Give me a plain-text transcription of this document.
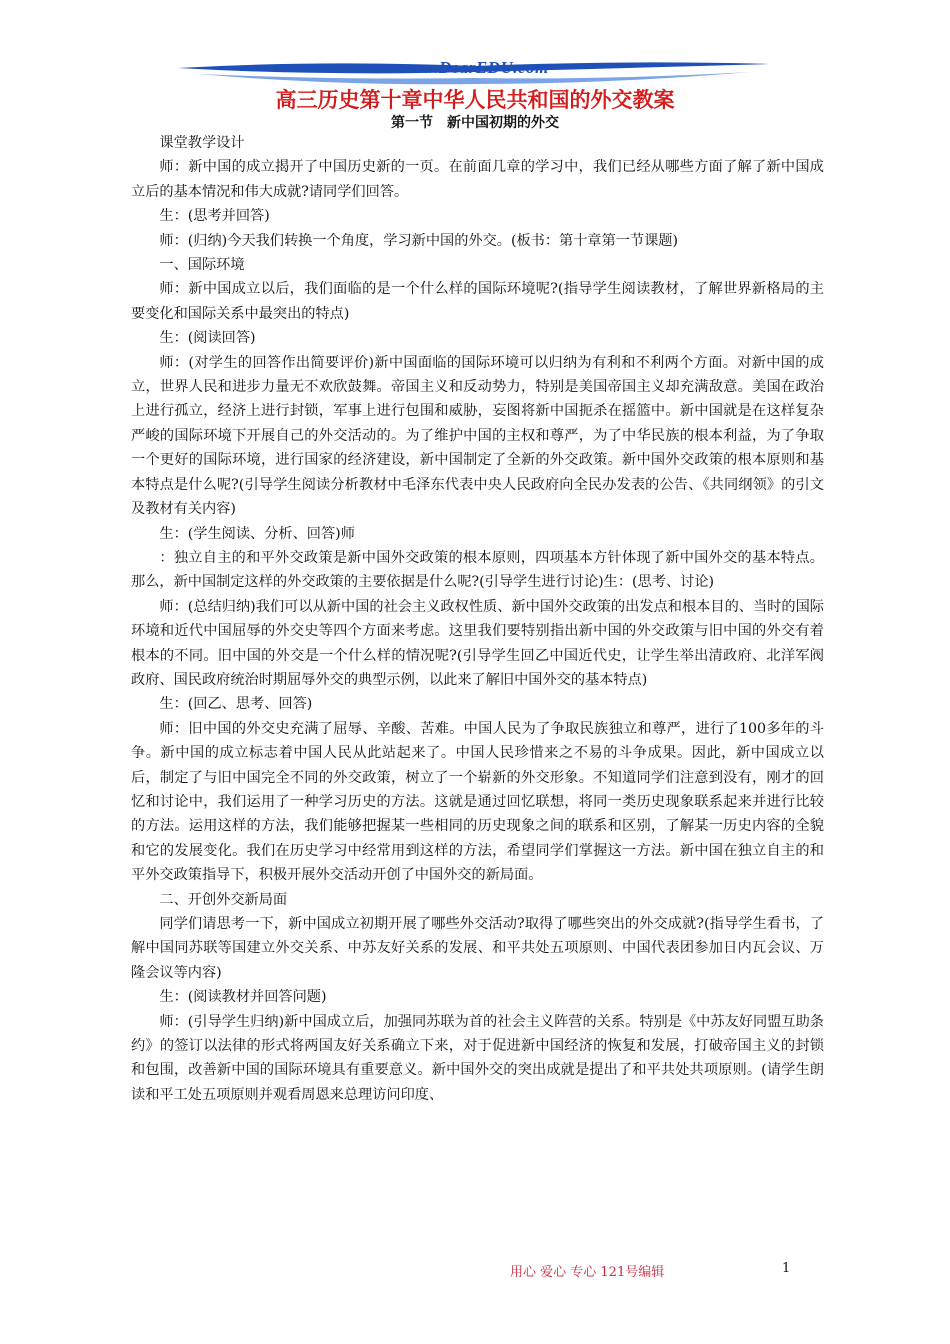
www.DearEDU.com
高三历史第十章中华人民共和国的外交教案
第一节　新中国初期的外交

课堂教学设计

师：新中国的成立揭开了中国历史新的一页。在前面几章的学习中，我们已经从哪些方面了解了新中国成立后的基本情况和伟大成就?请同学们回答。

生：(思考并回答)

师：(归纳)今天我们转换一个角度，学习新中国的外交。(板书：第十章第一节课题)

一、国际环境

师：新中国成立以后，我们面临的是一个什么样的国际环境呢?(指导学生阅读教材，了解世界新格局的主要变化和国际关系中最突出的特点)

生：(阅读回答)

师：(对学生的回答作出简要评价)新中国面临的国际环境可以归纳为有利和不利两个方面。对新中国的成立，世界人民和进步力量无不欢欣鼓舞。帝国主义和反动势力，特别是美国帝国主义却充满敌意。美国在政治上进行孤立，经济上进行封锁，军事上进行包围和威胁，妄图将新中国扼杀在摇篮中。新中国就是在这样复杂严峻的国际环境下开展自己的外交活动的。为了维护中国的主权和尊严，为了中华民族的根本利益，为了争取一个更好的国际环境，进行国家的经济建设，新中国制定了全新的外交政策。新中国外交政策的根本原则和基本特点是什么呢?(引导学生阅读分析教材中毛泽东代表中央人民政府向全民办发表的公告、《共同纲领》的引文及教材有关内容)

生：(学生阅读、分析、回答)师

：独立自主的和平外交政策是新中国外交政策的根本原则，四项基本方针体现了新中国外交的基本特点。那么，新中国制定这样的外交政策的主要依据是什么呢?(引导学生进行讨论)生：(思考、讨论)

师：(总结归纳)我们可以从新中国的社会主义政权性质、新中国外交政策的出发点和根本目的、当时的国际环境和近代中国屈辱的外交史等四个方面来考虑。这里我们要特别指出新中国的外交政策与旧中国的外交有着根本的不同。旧中国的外交是一个什么样的情况呢?(引导学生回乙中国近代史，让学生举出清政府、北洋军阀政府、国民政府统治时期屈辱外交的典型示例，以此来了解旧中国外交的基本特点)

生：(回乙、思考、回答)

师：旧中国的外交史充满了屈辱、辛酸、苦难。中国人民为了争取民族独立和尊严，进行了100多年的斗争。新中国的成立标志着中国人民从此站起来了。中国人民珍惜来之不易的斗争成果。因此，新中国成立以后，制定了与旧中国完全不同的外交政策，树立了一个崭新的外交形象。不知道同学们注意到没有，刚才的回忆和讨论中，我们运用了一种学习历史的方法。这就是通过回忆联想，将同一类历史现象联系起来并进行比较的方法。运用这样的方法，我们能够把握某一些相同的历史现象之间的联系和区别，了解某一历史内容的全貌和它的发展变化。我们在历史学习中经常用到这样的方法，希望同学们掌握这一方法。新中国在独立自主的和平外交政策指导下，积极开展外交活动开创了中国外交的新局面。

二、开创外交新局面

同学们请思考一下，新中国成立初期开展了哪些外交活动?取得了哪些突出的外交成就?(指导学生看书，了解中国同苏联等国建立外交关系、中苏友好关系的发展、和平共处五项原则、中国代表团参加日内瓦会议、万隆会议等内容)

生：(阅读教材并回答问题)

师：(引导学生归纳)新中国成立后，加强同苏联为首的社会主义阵营的关系。特别是《中苏友好同盟互助条约》的签订以法律的形式将两国友好关系确立下来，对于促进新中国经济的恢复和发展，打破帝国主义的封锁和包围，改善新中国的国际环境具有重要意义。新中国外交的突出成就是提出了和平共处共项原则。(请学生朗读和平工处五项原则并观看周恩来总理访问印度、

用心 爱心 专心 121号编辑	1
